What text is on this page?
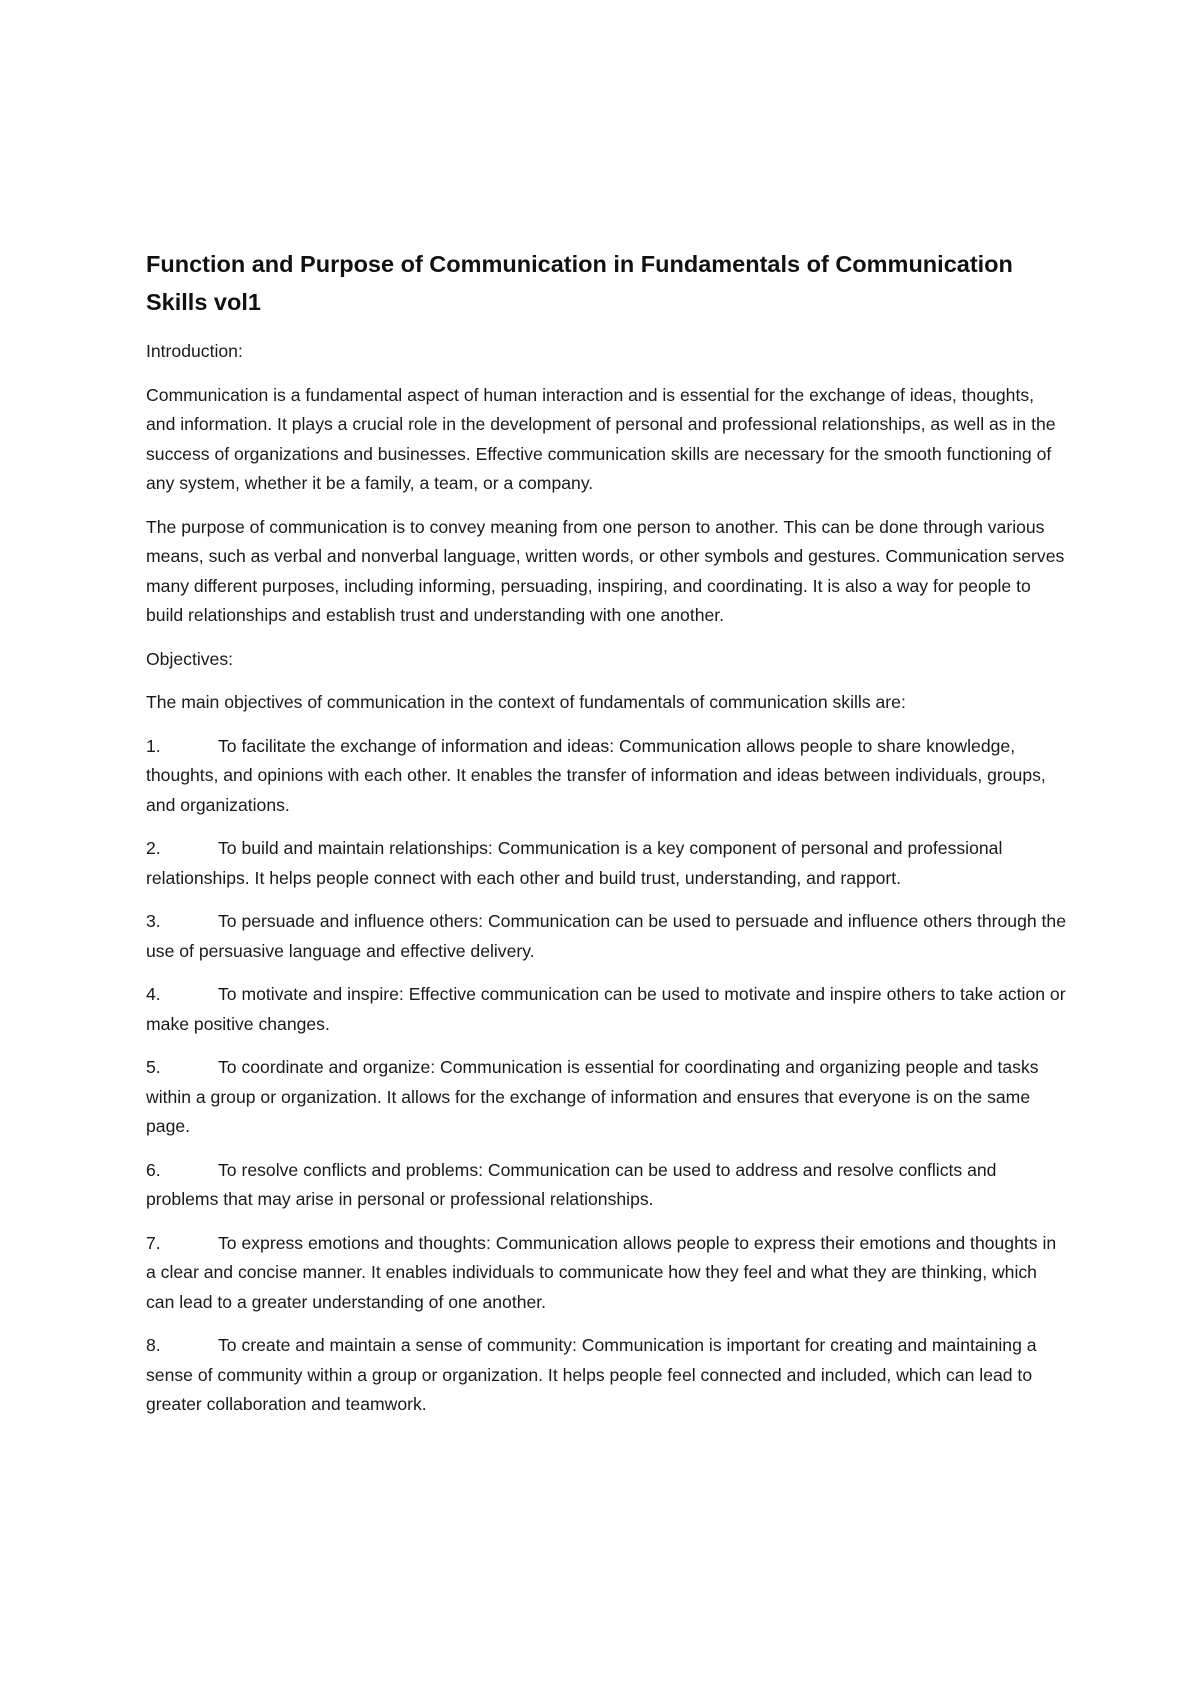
Function and Purpose of Communication in Fundamentals of Communication Skills vol1
Introduction:
Communication is a fundamental aspect of human interaction and is essential for the exchange of ideas, thoughts, and information. It plays a crucial role in the development of personal and professional relationships, as well as in the success of organizations and businesses. Effective communication skills are necessary for the smooth functioning of any system, whether it be a family, a team, or a company.
The purpose of communication is to convey meaning from one person to another. This can be done through various means, such as verbal and nonverbal language, written words, or other symbols and gestures. Communication serves many different purposes, including informing, persuading, inspiring, and coordinating. It is also a way for people to build relationships and establish trust and understanding with one another.
Objectives:
The main objectives of communication in the context of fundamentals of communication skills are:
1.	To facilitate the exchange of information and ideas: Communication allows people to share knowledge, thoughts, and opinions with each other. It enables the transfer of information and ideas between individuals, groups, and organizations.
2.	To build and maintain relationships: Communication is a key component of personal and professional relationships. It helps people connect with each other and build trust, understanding, and rapport.
3.	To persuade and influence others: Communication can be used to persuade and influence others through the use of persuasive language and effective delivery.
4.	To motivate and inspire: Effective communication can be used to motivate and inspire others to take action or make positive changes.
5.	To coordinate and organize: Communication is essential for coordinating and organizing people and tasks within a group or organization. It allows for the exchange of information and ensures that everyone is on the same page.
6.	To resolve conflicts and problems: Communication can be used to address and resolve conflicts and problems that may arise in personal or professional relationships.
7.	To express emotions and thoughts: Communication allows people to express their emotions and thoughts in a clear and concise manner. It enables individuals to communicate how they feel and what they are thinking, which can lead to a greater understanding of one another.
8.	To create and maintain a sense of community: Communication is important for creating and maintaining a sense of community within a group or organization. It helps people feel connected and included, which can lead to greater collaboration and teamwork.
